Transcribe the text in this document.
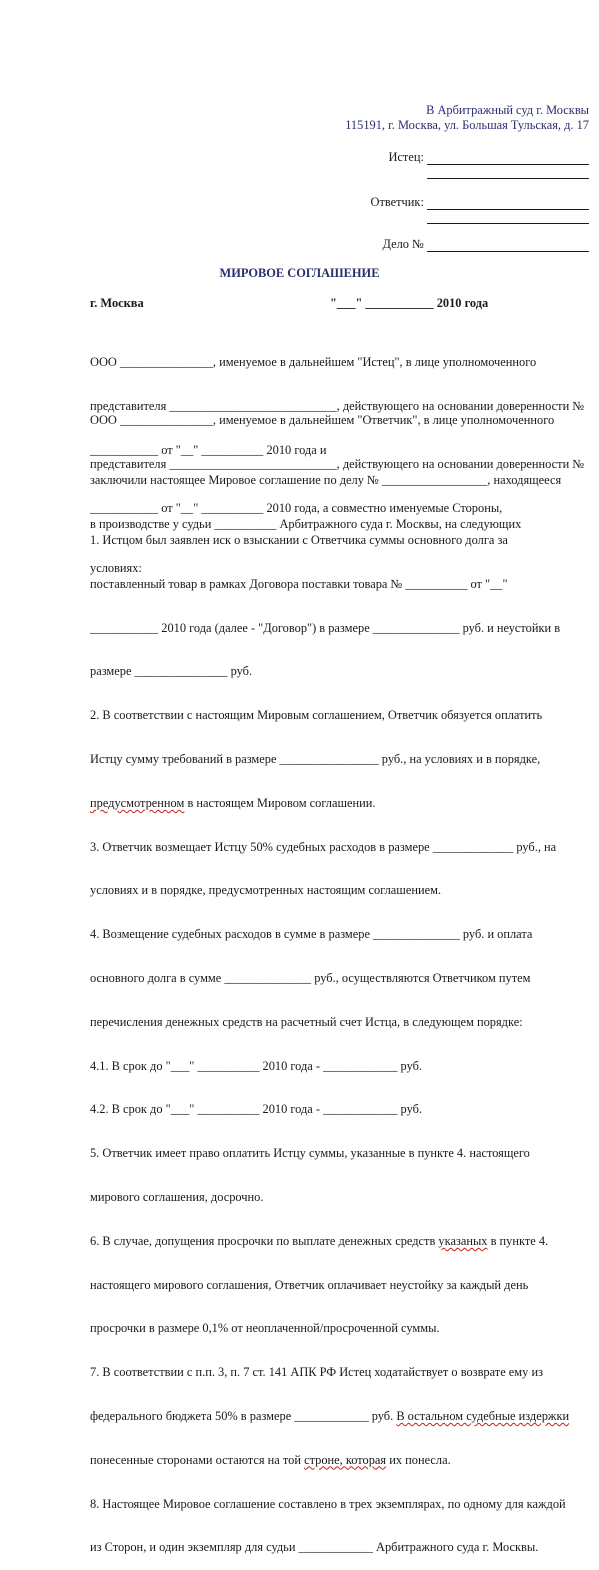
В Арбитражный суд г. Москвы
115191, г. Москва, ул. Большая Тульская, д. 17
Истец:
Ответчик:
Дело №
МИРОВОЕ СОГЛАШЕНИЕ
г. Москва	"___" ___________ 2010 года

ООО _______________, именуемое в дальнейшем "Истец", в лице уполномоченного

представителя ___________________________, действующего на основании доверенности №

___________ от "__" __________ 2010 года и

ООО _______________, именуемое в дальнейшем "Ответчик", в лице уполномоченного

представителя ___________________________, действующего на основании доверенности №

___________ от "__" __________ 2010 года, а совместно именуемые Стороны,

заключили настоящее Мировое соглашение по делу № _________________, находящееся

в производстве у судьи __________ Арбитражного суда г. Москвы, на следующих

условиях:

1. Истцом был заявлен иск о взыскании с Ответчика суммы основного долга за

поставленный товар в рамках Договора поставки товара № __________ от "__"

___________ 2010 года (далее - "Договор") в размере ______________ руб. и неустойки в

размере _______________ руб.

2. В соответствии с настоящим Мировым соглашением, Ответчик обязуется оплатить

Истцу сумму требований в размере ________________ руб., на условиях и в порядке,

предусмотренном в настоящем Мировом соглашении.

3. Ответчик возмещает Истцу 50% судебных расходов в размере _____________ руб., на

условиях и в порядке, предусмотренных настоящим соглашением.

4. Возмещение судебных расходов в сумме в размере ______________ руб. и оплата

основного долга в сумме ______________ руб., осуществляются Ответчиком путем

перечисления денежных средств на расчетный счет Истца, в следующем порядке:

4.1. В срок до "___" __________ 2010 года - ____________ руб.

4.2. В срок до "___" __________ 2010 года - ____________ руб.

5. Ответчик имеет право оплатить Истцу суммы, указанные в пункте 4. настоящего

мирового соглашения, досрочно.

6. В случае, допущения просрочки по выплате денежных средств указаных в пункте 4.

настоящего мирового соглашения, Ответчик оплачивает неустойку за каждый день

просрочки в размере 0,1% от неоплаченной/просроченной суммы.

7. В соответствии с п.п. 3, п. 7 ст. 141 АПК РФ Истец ходатайствует о возврате ему из

федерального бюджета 50% в размере ____________ руб. В остальном судебные издержки

понесенные сторонами остаются на той строне, которая их понесла.

8. Настоящее Мировое соглашение составлено в трех экземплярах, по одному для каждой

из Сторон, и один экземпляр для судьи ____________ Арбитражного суда г. Москвы.
